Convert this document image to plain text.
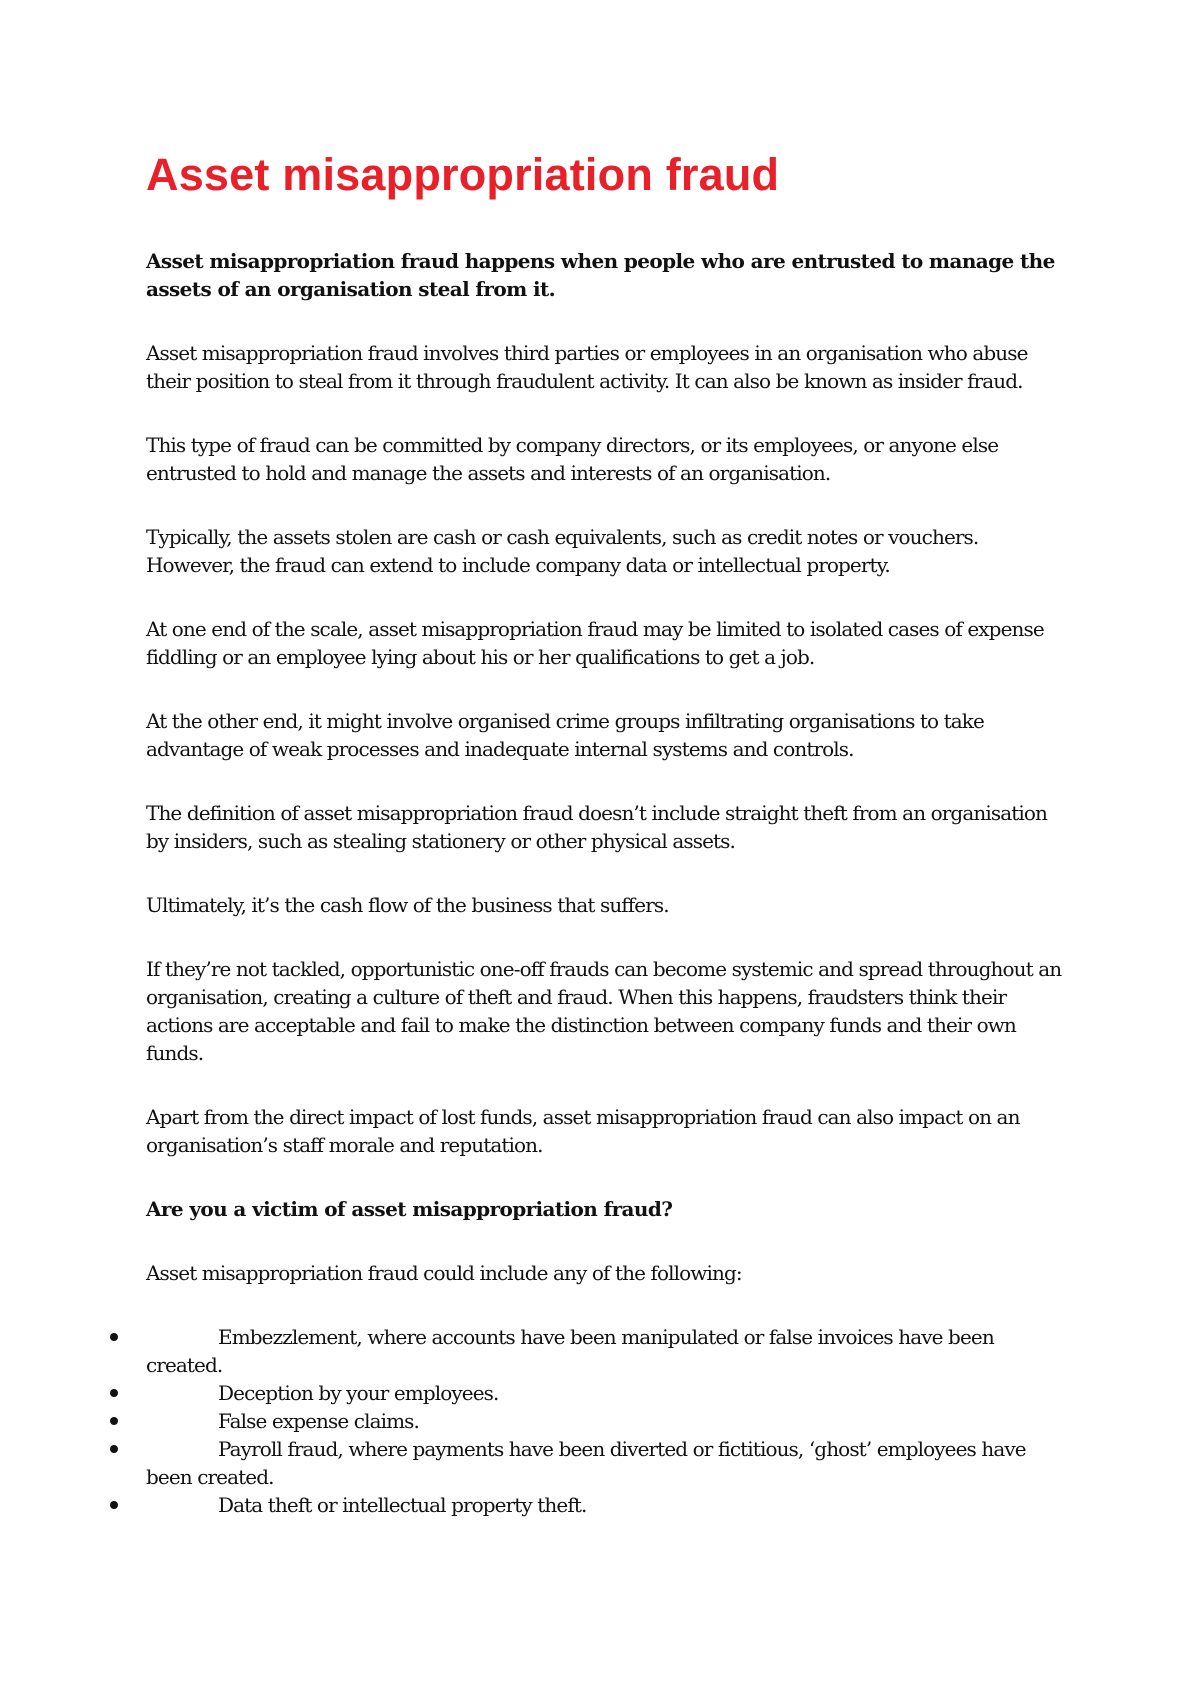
Asset misappropriation fraud

Asset misappropriation fraud happens when people who are entrusted to manage the assets of an organisation steal from it.

Asset misappropriation fraud involves third parties or employees in an organisation who abuse their position to steal from it through fraudulent activity. It can also be known as insider fraud.

This type of fraud can be committed by company directors, or its employees, or anyone else entrusted to hold and manage the assets and interests of an organisation.

Typically, the assets stolen are cash or cash equivalents, such as credit notes or vouchers. However, the fraud can extend to include company data or intellectual property.

At one end of the scale, asset misappropriation fraud may be limited to isolated cases of expense fiddling or an employee lying about his or her qualifications to get a job.

At the other end, it might involve organised crime groups infiltrating organisations to take advantage of weak processes and inadequate internal systems and controls.

The definition of asset misappropriation fraud doesn’t include straight theft from an organisation by insiders, such as stealing stationery or other physical assets.

Ultimately, it’s the cash flow of the business that suffers.

If they’re not tackled, opportunistic one-off frauds can become systemic and spread throughout an organisation, creating a culture of theft and fraud. When this happens, fraudsters think their actions are acceptable and fail to make the distinction between company funds and their own funds.

Apart from the direct impact of lost funds, asset misappropriation fraud can also impact on an organisation’s staff morale and reputation.

Are you a victim of asset misappropriation fraud?

Asset misappropriation fraud could include any of the following:

Embezzlement, where accounts have been manipulated or false invoices have been created.
Deception by your employees.
False expense claims.
Payroll fraud, where payments have been diverted or fictitious, ‘ghost’ employees have been created.
Data theft or intellectual property theft.
